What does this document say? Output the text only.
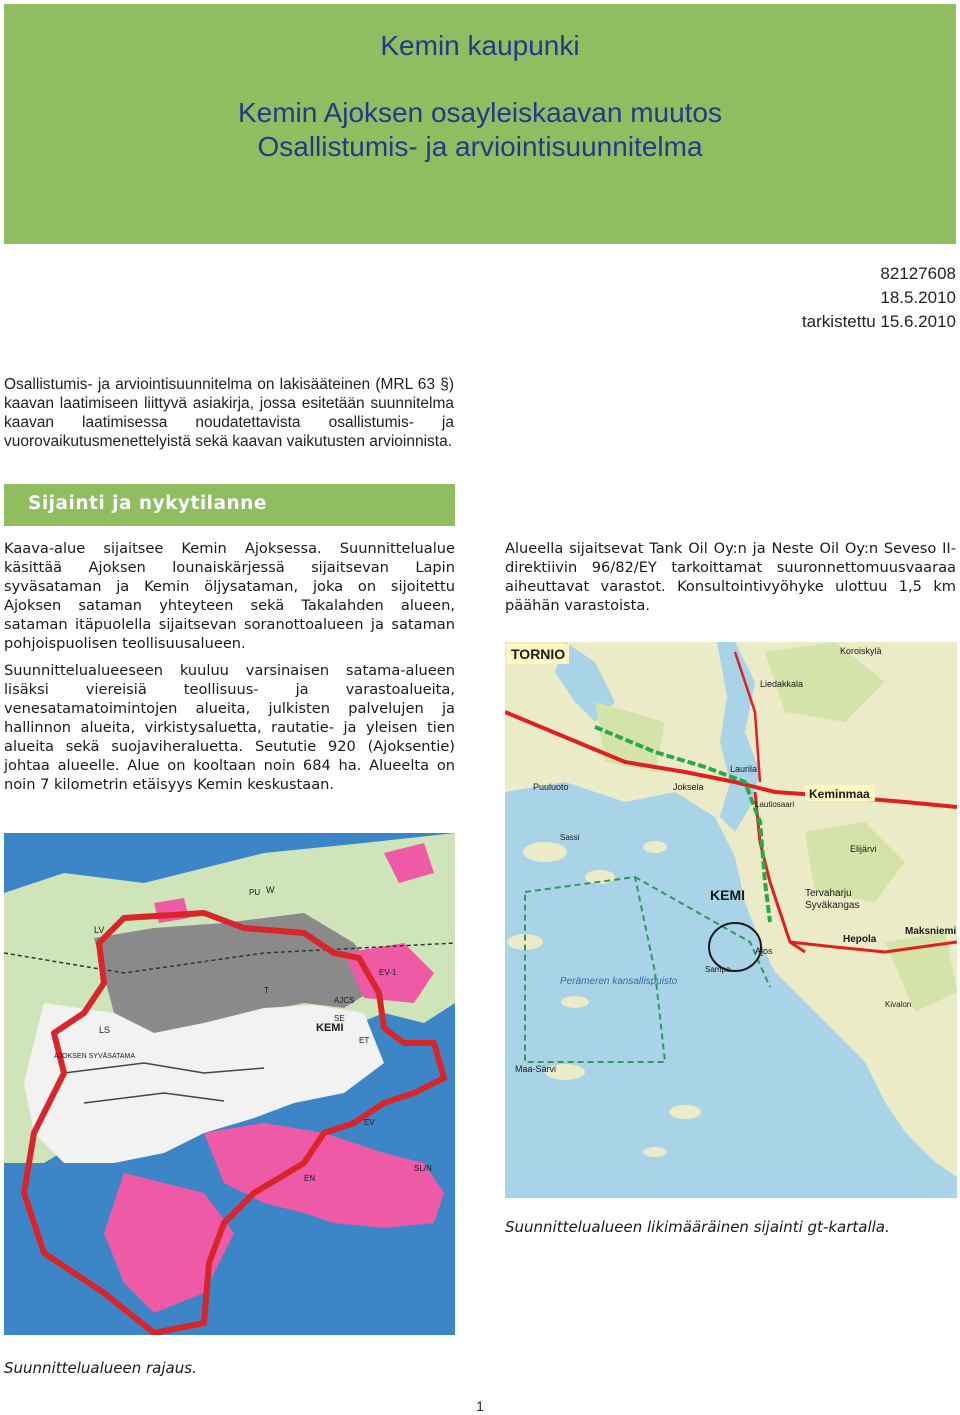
Kemin kaupunki
Kemin Ajoksen osayleiskaavan muutos
Osallistumis- ja arviointisuunnitelma
82127608
18.5.2010
tarkistettu 15.6.2010
Osallistumis- ja arviointisuunnitelma on lakisääteinen (MRL 63 §) kaavan laatimiseen liittyvä asiakirja, jossa esitetään suunnitelma kaavan laatimisessa noudatettavista osallistumis- ja vuorovaikutusmenettelyistä sekä kaavan vaikutusten arvioinnista.
Sijainti ja nykytilanne
Kaava-alue sijaitsee Kemin Ajoksessa. Suunnittelualue käsittää Ajoksen lounaiskärjessä sijaitsevan Lapin syväsataman ja Kemin öljysataman, joka on sijoitettu Ajoksen sataman yhteyteen sekä Takalahden alueen, sataman itäpuolella sijaitsevan soranottoalueen ja sataman pohjoispuolisen teollisuusalueen.
Suunnittelualueeseen kuuluu varsinaisen satama-alueen lisäksi viereisiä teollisuus- ja varastoalueita, venesatamatoimintojen alueita, julkisten palvelujen ja hallinnon alueita, virkistysaluetta, rautatie- ja yleisen tien alueita sekä suojaviheraluetta. Seututie 920 (Ajoksentie) johtaa alueelle. Alue on kooltaan noin 684 ha. Alueelta on noin 7 kilometrin etäisyys Kemin keskustaan.
Alueella sijaitsevat Tank Oil Oy:n ja Neste Oil Oy:n Seveso II-direktiivin 96/82/EY tarkoittamat suuronnettomuusvaaraa aiheuttavat varastot. Konsultointivyöhyke ulottuu 1,5 km päähän varastoista.
TORNIO
KEMI
Keminmaa
Koroiskylä
Liedakkala
Laurila
Joksela
Puuluoto
Ajos
Hepola
Maksniemi
Tervaharju
Syväkangas
Perämeren kansallispuisto
Maa-Särvi
Sampo
Lautiosaari
Elijärvi
Kivalon
Sassi
Suunnittelualueen likimääräinen sijainti gt-kartalla.
W
LV
KEMI
LS
SE
AJOKSEN SYVÄSATAMA
ET
T
AJCS
EV
SL/N
EN
EV-1
PU
Suunnittelualueen rajaus.
1
